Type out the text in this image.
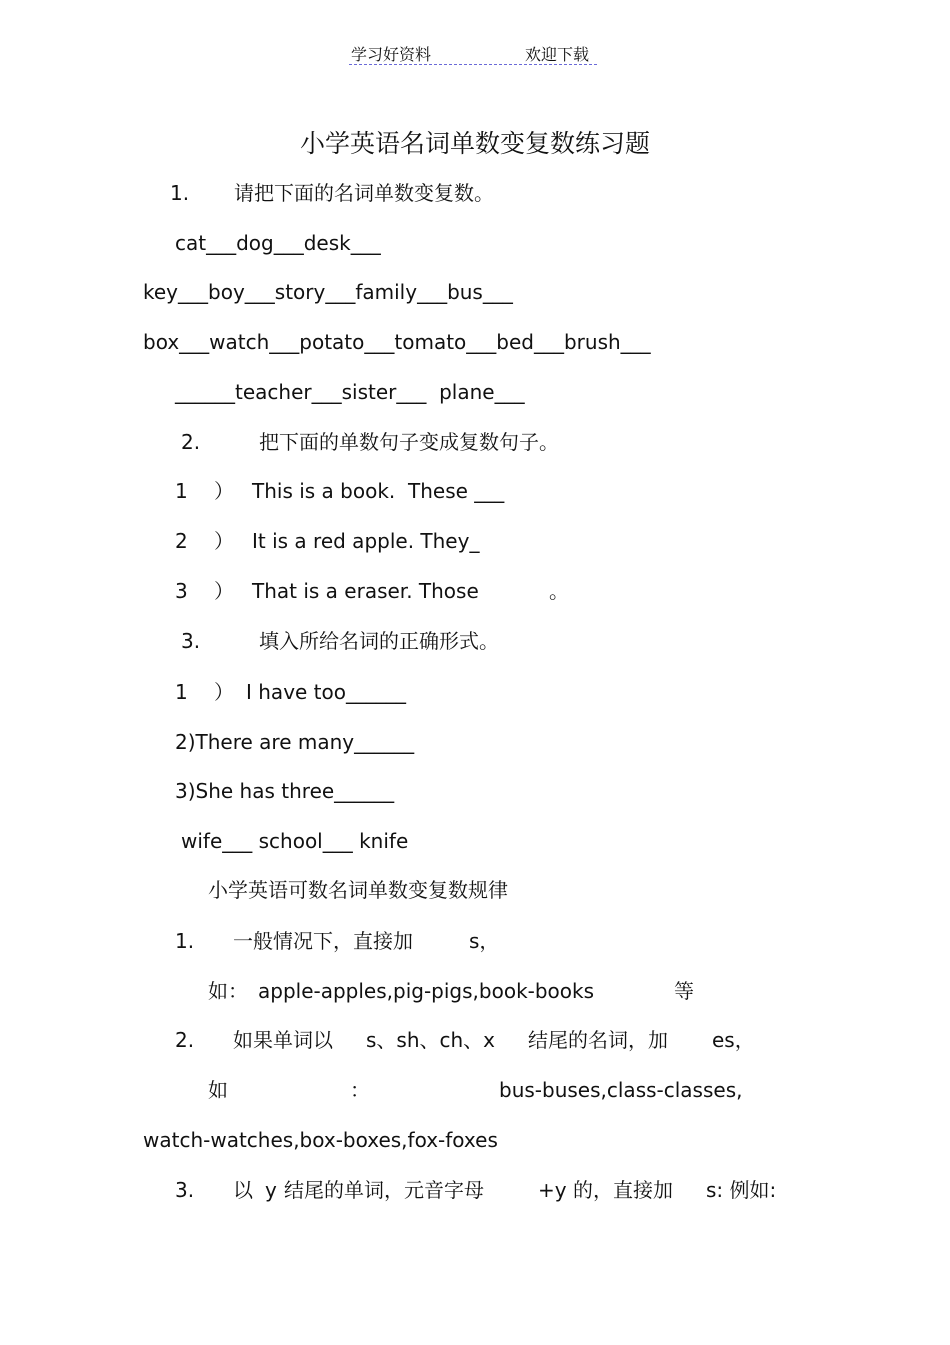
学习好资料	欢迎下载
小学英语名词单数变复数练习题
1. 请把下面的名词单数变复数。
cat___dog___desk___
key___boy___story___family___bus___
box___watch___potato___tomato___bed___brush___
______teacher___sister___  plane___
2.	把下面的单数句子变成复数句子。
1 ） This is a book.  These ___
2 ） It is a red apple. They_
3 ） That is a eraser. Those	。
3.	填入所给名词的正确形式。
1 ） I have too______
2)There are many______
3)She has three______
wife___ school___ knife
小学英语可数名词单数变复数规律
1. 一般情况下，直接加	s，
如： apple-apples,pig-pigs,book-books	等
2. 如果单词以 s、sh、ch、x 结尾的名词，加 es，
如	：	bus-buses,class-classes,
watch-watches,box-boxes,fox-foxes
3. 以 y 结尾的单词，元音字母	+y 的，直接加 s: 例如:
